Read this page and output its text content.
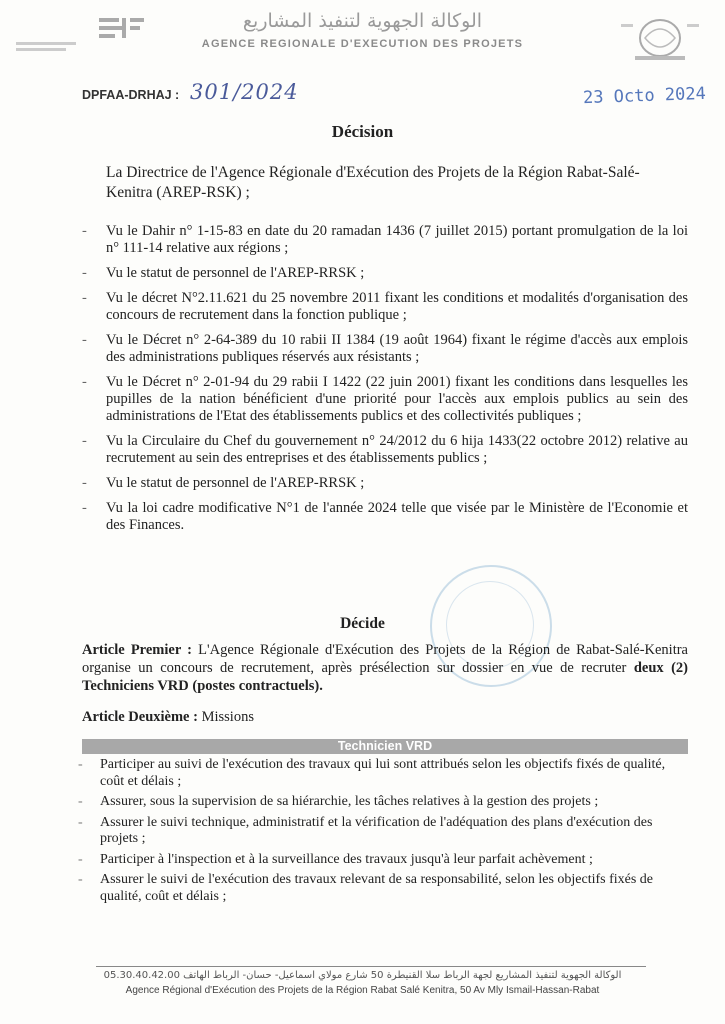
الوكالة الجهوية لتنفيذ المشاريع
AGENCE REGIONALE D'EXECUTION DES PROJETS
DPFAA-DRHAJ : 301/2024	23 Octo 2024
Décision
La Directrice de l'Agence Régionale d'Exécution des Projets de la Région Rabat-Salé-Kenitra (AREP-RSK) ;
-	Vu le Dahir n° 1-15-83 en date du 20 ramadan 1436 (7 juillet 2015) portant promulgation de la loi n° 111-14 relative aux régions ;
-	Vu le statut de personnel de l'AREP-RRSK ;
-	Vu le décret N°2.11.621 du 25 novembre 2011 fixant les conditions et modalités d'organisation des concours de recrutement dans la fonction publique ;
-	Vu le Décret n° 2-64-389 du 10 rabii II 1384 (19 août 1964) fixant le régime d'accès aux emplois des administrations publiques réservés aux résistants ;
-	Vu le Décret n° 2-01-94 du 29 rabii I 1422 (22 juin 2001) fixant les conditions dans lesquelles les pupilles de la nation bénéficient d'une priorité pour l'accès aux emplois publics au sein des administrations de l'Etat des établissements publics et des collectivités publiques ;
-	Vu la Circulaire du Chef du gouvernement n° 24/2012 du 6 hija 1433(22 octobre 2012) relative au recrutement au sein des entreprises et des établissements publics ;
-	Vu le statut de personnel de l'AREP-RRSK ;
-	Vu la loi cadre modificative N°1 de l'année 2024 telle que visée par le Ministère de l'Economie et des Finances.
Décide
Article Premier : L'Agence Régionale d'Exécution des Projets de la Région de Rabat-Salé-Kenitra organise un concours de recrutement, après présélection sur dossier en vue de recruter deux (2) Techniciens VRD (postes contractuels).
Article Deuxième : Missions
Technicien VRD
-	Participer au suivi de l'exécution des travaux qui lui sont attribués selon les objectifs fixés de qualité, coût et délais ;
-	Assurer, sous la supervision de sa hiérarchie, les tâches relatives à la gestion des projets ;
-	Assurer le suivi technique, administratif et la vérification de l'adéquation des plans d'exécution des projets ;
-	Participer à l'inspection et à la surveillance des travaux jusqu'à leur parfait achèvement ;
-	Assurer le suivi de l'exécution des travaux relevant de sa responsabilité, selon les objectifs fixés de qualité, coût et délais ;
05.30.40.42.00 الوكالة الجهوية لتنفيذ المشاريع لجهة الرباط سلا القنيطرة 50 شارع مولاي اسماعيل- حسان- الرباط الهاتف
Agence Régional d'Exécution des Projets de la Région Rabat Salé Kenitra, 50 Av Mly Ismail-Hassan-Rabat
